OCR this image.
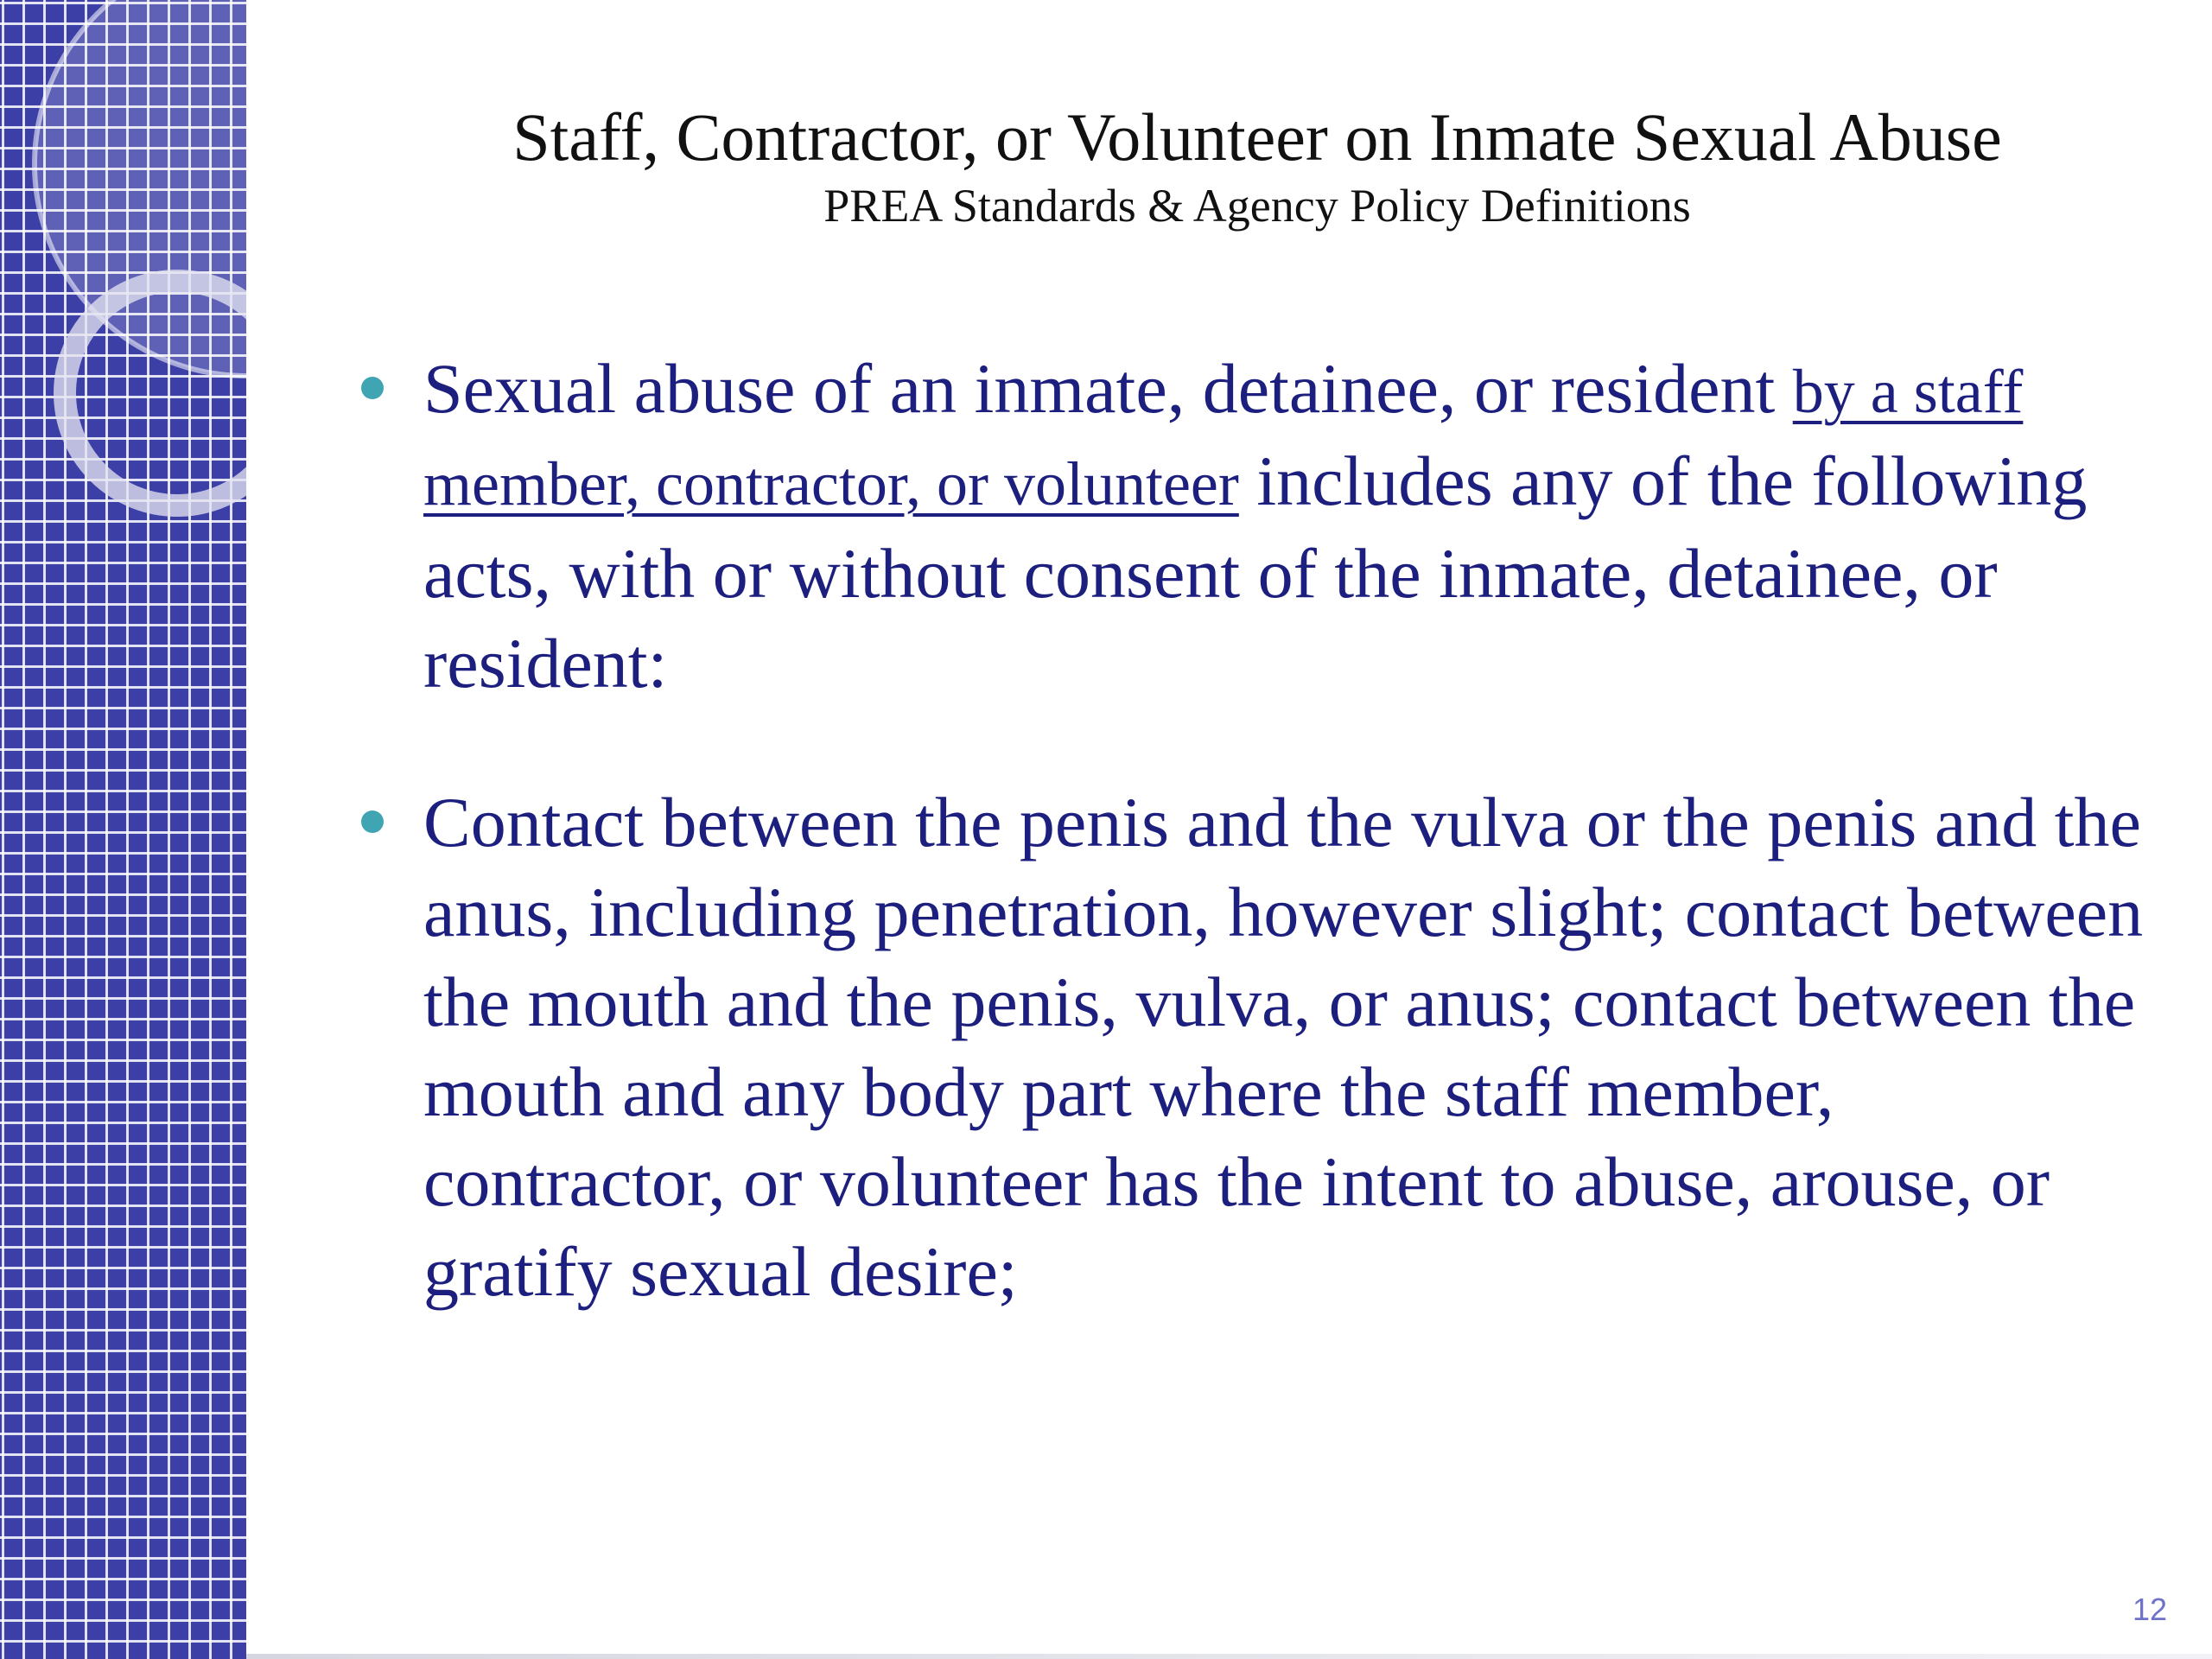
Staff, Contractor, or Volunteer on Inmate Sexual Abuse
PREA Standards & Agency Policy Definitions

Sexual abuse of an inmate, detainee, or resident by a staff member, contractor, or volunteer includes any of the following acts, with or without consent of the inmate, detainee, or resident:

Contact between the penis and the vulva or the penis and the anus, including penetration, however slight; contact between the mouth and the penis, vulva, or anus; contact between the mouth and any body part where the staff member, contractor, or volunteer has the intent to abuse, arouse, or gratify sexual desire;

12
